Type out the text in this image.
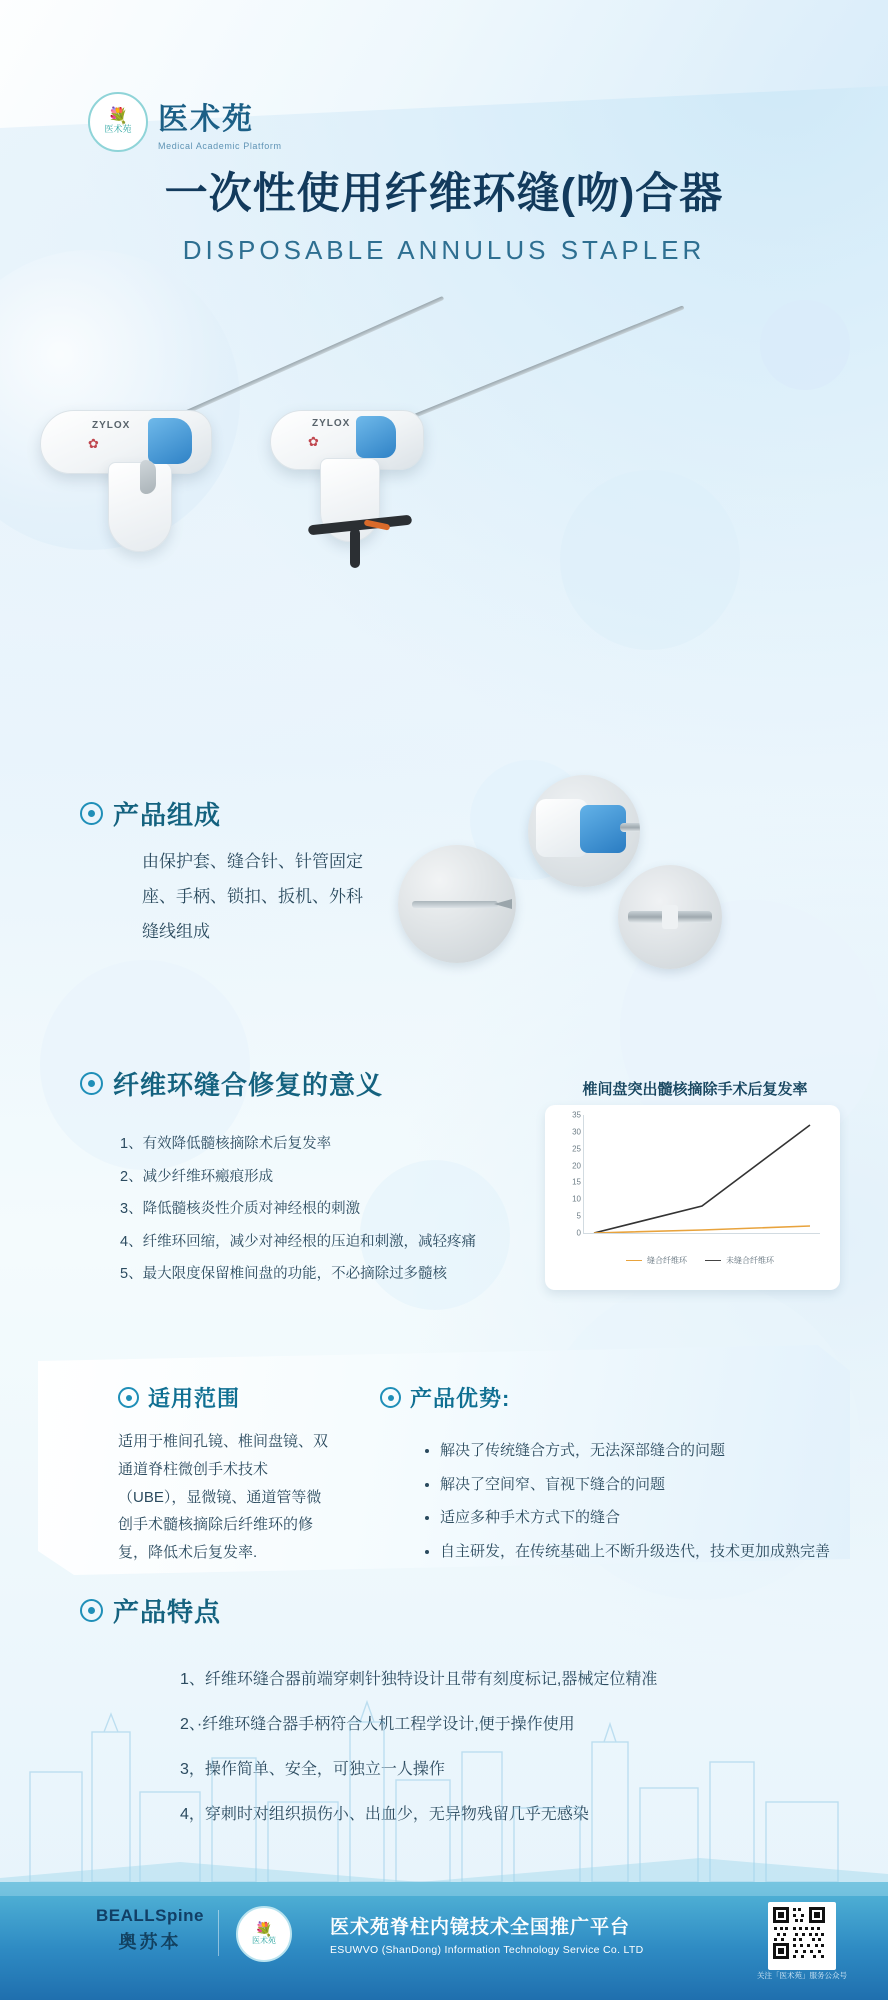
💐
医术苑 医术苑
Medical Academic Platform
一次性使用纤维环缝(吻)合器
DISPOSABLE ANNULUS STAPLER
ZYLOX
✿
ZYLOX
✿
产品组成
由保护套、缝合针、针管固定座、手柄、锁扣、扳机、外科缝线组成
纤维环缝合修复的意义
1、有效降低髓核摘除术后复发率
2、减少纤维环瘢痕形成
3、降低髓核炎性介质对神经根的刺激
4、纤维环回缩，减少对神经根的压迫和刺激，减轻疼痛
5、最大限度保留椎间盘的功能，不必摘除过多髓核
椎间盘突出髓核摘除手术后复发率
35
30
25
20
15
10
5
0
缝合纤维环	未缝合纤维环
适用范围
适用于椎间孔镜、椎间盘镜、双通道脊柱微创手术技术（UBE），显微镜、通道管等微创手术髓核摘除后纤维环的修复，降低术后复发率.
产品优势:
• 解决了传统缝合方式，无法深部缝合的问题
• 解决了空间窄、盲视下缝合的问题
• 适应多种手术方式下的缝合
• 自主研发，在传统基础上不断升级迭代，技术更加成熟完善
产品特点
1、纤维环缝合器前端穿刺针独特设计且带有刻度标记,器械定位精准
2、·纤维环缝合器手柄符合人机工程学设计,便于操作使用
3，操作简单、安全，可独立一人操作
4，穿刺时对组织损伤小、出血少，无异物残留几乎无感染
BEALLSpine
奥苏本
💐
医术苑
医术苑脊柱内镜技术全国推广平台
ESUWVO (ShanDong) Information Technology Service Co. LTD
关注「医术苑」服务公众号
